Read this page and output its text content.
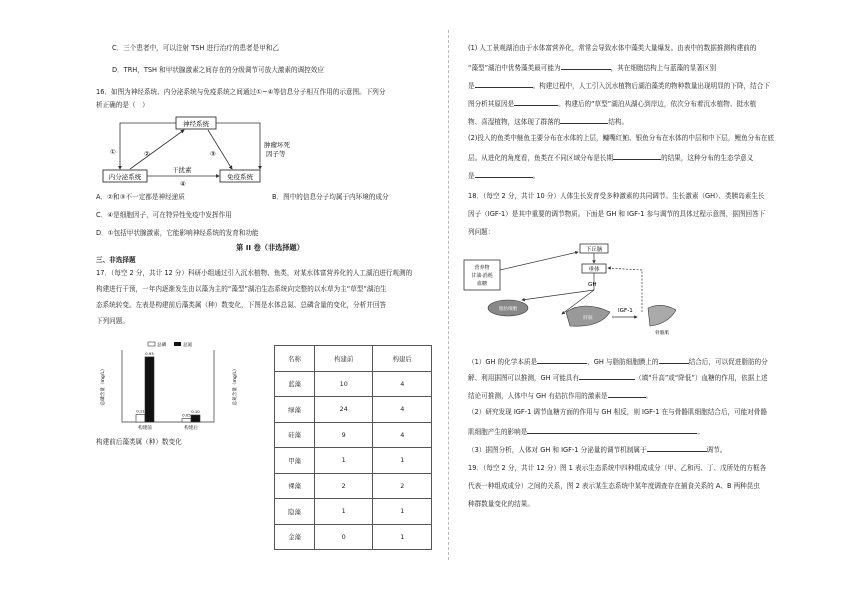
C．三个患者中，可以注射 TSH 进行治疗的患者是甲和乙
D．TRH，TSH 和甲状腺激素之间存在的分级调节可放大激素的调控效应
16．如图为神经系统、内分泌系统与免疫系统之间通过①~④等信息分子相互作用的示意图。下列分
析正确的是（　）
神经系统
内分泌系统	免疫系统
①	②	③
④
干扰素
肿瘤坏死
因子等
A．②和③不一定都是神经递质	B．图中的信息分子均属于内环境的成分
C．④是细胞因子，可在特异性免疫中发挥作用
D．①包括甲状腺激素，它能影响神经系统的发育和功能
第 II 卷（非选择题）
三、非选择题
17．（每空 2 分，共计 12 分）科研小组通过引入沉水植物、鱼类，对某水体富营养化的人工湖泊进行观测的
构建进行干预，一年内逐渐发生由以藻为主的“藻型”湖泊生态系统向完整的以水草为主“草型”湖泊生
态系统转变。左表是构建前后藻类属（种）数变化，下图是水体总氮、总磷含量的变化，分析并回答
下列问题。
总磷	总氮
总磷含量（mg/L）	总氮含量（mg/L）
0.11
0.93
构建前
0.05
0.10
构建后
构建前后藻类属（种）数变化
名称	构建前	构建后
蓝藻	10	4
绿藻	24	4
硅藻	9	4
甲藻	1	1
裸藻	2	2
隐藻	1	1
金藻	0	1
(1) 人工景观湖泊由于水体富营养化，常常会导致水体中藻类大量爆发。由表中的数据推测构建前的
“藻型”湖泊中优势藻类最可能为	，其在细胞结构上与蓝藻的显著区别
是	。构建过程中，人工引入沉水植物后湖泊藻类的物种数量出现明显的下降，结合下
图分析其原因是	。构建后的“草型”湖泊从湖心到岸边，依次分布着沉水植物、挺水植
物、喜湿植物，这体现了群落的	结构。
(2)投入的鱼类中鲢鱼主要分布在水体的上层，鳙嘴红鲌、银鱼分布在水体的中层和中下层，鲤鱼分布在底
层。从进化的角度看，鱼类在不同区域分布是长期	的结果，这种分布的生态学意义
是	。
18．（每空 2 分，共计 10 分）人体生长发育受多种激素的共同调节。生长激素（GH）、类胰岛素生长
因子（IGF-1）是其中重要的调节物质。下面是 GH 和 IGF-1 参与调节的具体过程示意图，据图回答下
列问题：
下丘脑
垂体
营养物
甘油·消耗
血糖	GH
IGF-1
脂肪细胞
肝脏
骨骼肌
（1）GH 的化学本质是	，GH 与脂肪细胞膜上的	结合后，可以促进脂肪的分
解、利用据图可以推测，GH 可能具有	（填“升高”或“降低”）血糖的作用，依据上述
结论可推测，人体中与 GH 有拮抗作用的激素是	。
（2）研究发现 IGF-1 调节血糖方面的作用与 GH 相反，则 IGF-1 在与骨骼肌细胞结合后，可能对骨骼
肌细胞产生的影响是	。
（3）据图分析，人体对 GH 和 IGF-1 分泌量的调节机制属于	调节。
19．（每空 2 分，共计 12 分）图 1 表示生态系统中四种组成成分（甲、乙和丙、丁、戊所处的方框各
代表一种组成成分）之间的关系，图 2 表示某生态系统中某年度调查存在捕食关系的 A、B 两种昆虫
种群数量变化的结果。
